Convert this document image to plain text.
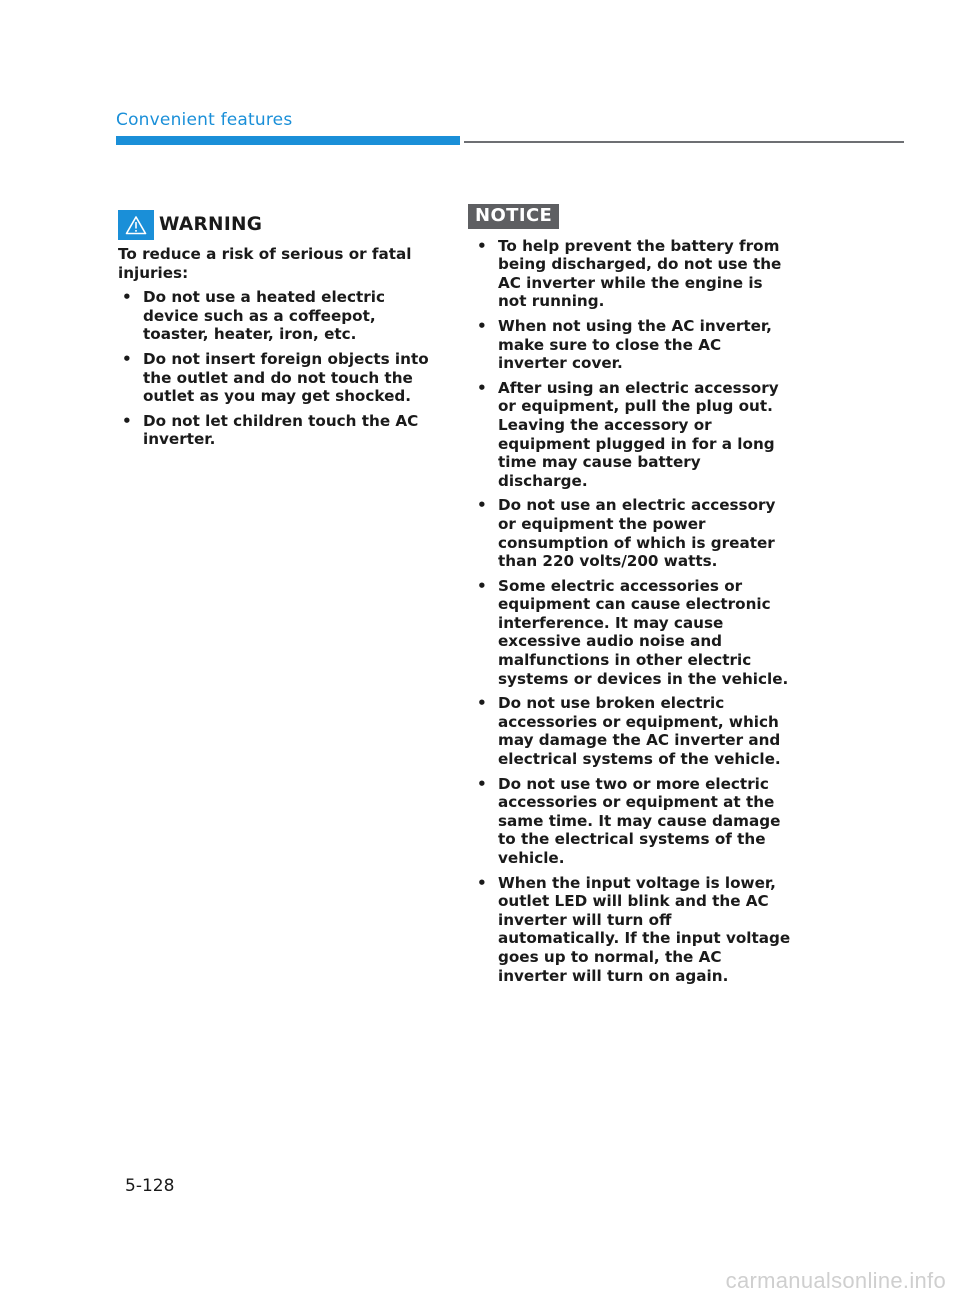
Convenient features
WARNING

To reduce a risk of serious or fatal injuries:

• Do not use a heated electric device such as a coffeepot, toaster, heater, iron, etc.
• Do not insert foreign objects into the outlet and do not touch the outlet as you may get shocked.
• Do not let children touch the AC inverter.
NOTICE
• To help prevent the battery from being discharged, do not use the AC inverter while the engine is not running.
• When not using the AC inverter, make sure to close the AC inverter cover.
• After using an electric accessory or equipment, pull the plug out. Leaving the accessory or equipment plugged in for a long time may cause battery discharge.
• Do not use an electric accessory or equipment the power consumption of which is greater than 220 volts/200 watts.
• Some electric accessories or equipment can cause electronic interference. It may cause excessive audio noise and malfunctions in other electric systems or devices in the vehicle.
• Do not use broken electric accessories or equipment, which may damage the AC inverter and electrical systems of the vehicle.
• Do not use two or more electric accessories or equipment at the same time. It may cause damage to the electrical systems of the vehicle.
• When the input voltage is lower, outlet LED will blink and the AC inverter will turn off automatically. If the input voltage goes up to normal, the AC inverter will turn on again.
5-128
carmanualsonline.info
